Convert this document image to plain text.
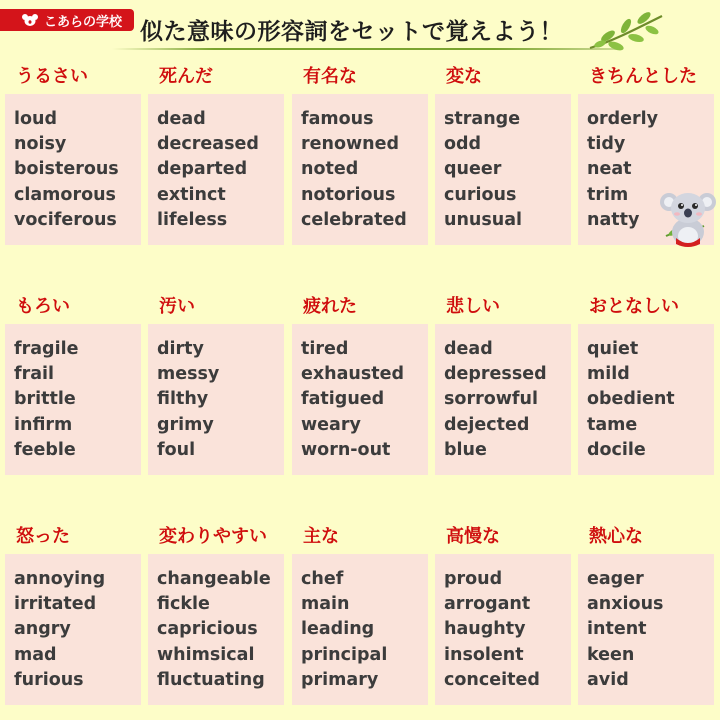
こあらの学校 似た意味の形容詞をセットで覚えよう！
うるさい
loud
noisy
boisterous
clamorous
vociferous
死んだ
dead
decreased
departed
extinct
lifeless
有名な
famous
renowned
noted
notorious
celebrated
変な
strange
odd
queer
curious
unusual
きちんとした
orderly
tidy
neat
trim
natty
もろい
fragile
frail
brittle
infirm
feeble
汚い
dirty
messy
filthy
grimy
foul
疲れた
tired
exhausted
fatigued
weary
worn-out
悲しい
dead
depressed
sorrowful
dejected
blue
おとなしい
quiet
mild
obedient
tame
docile
怒った
annoying
irritated
angry
mad
furious
変わりやすい
changeable
fickle
capricious
whimsical
fluctuating
主な
chef
main
leading
principal
primary
高慢な
proud
arrogant
haughty
insolent
conceited
熱心な
eager
anxious
intent
keen
avid
